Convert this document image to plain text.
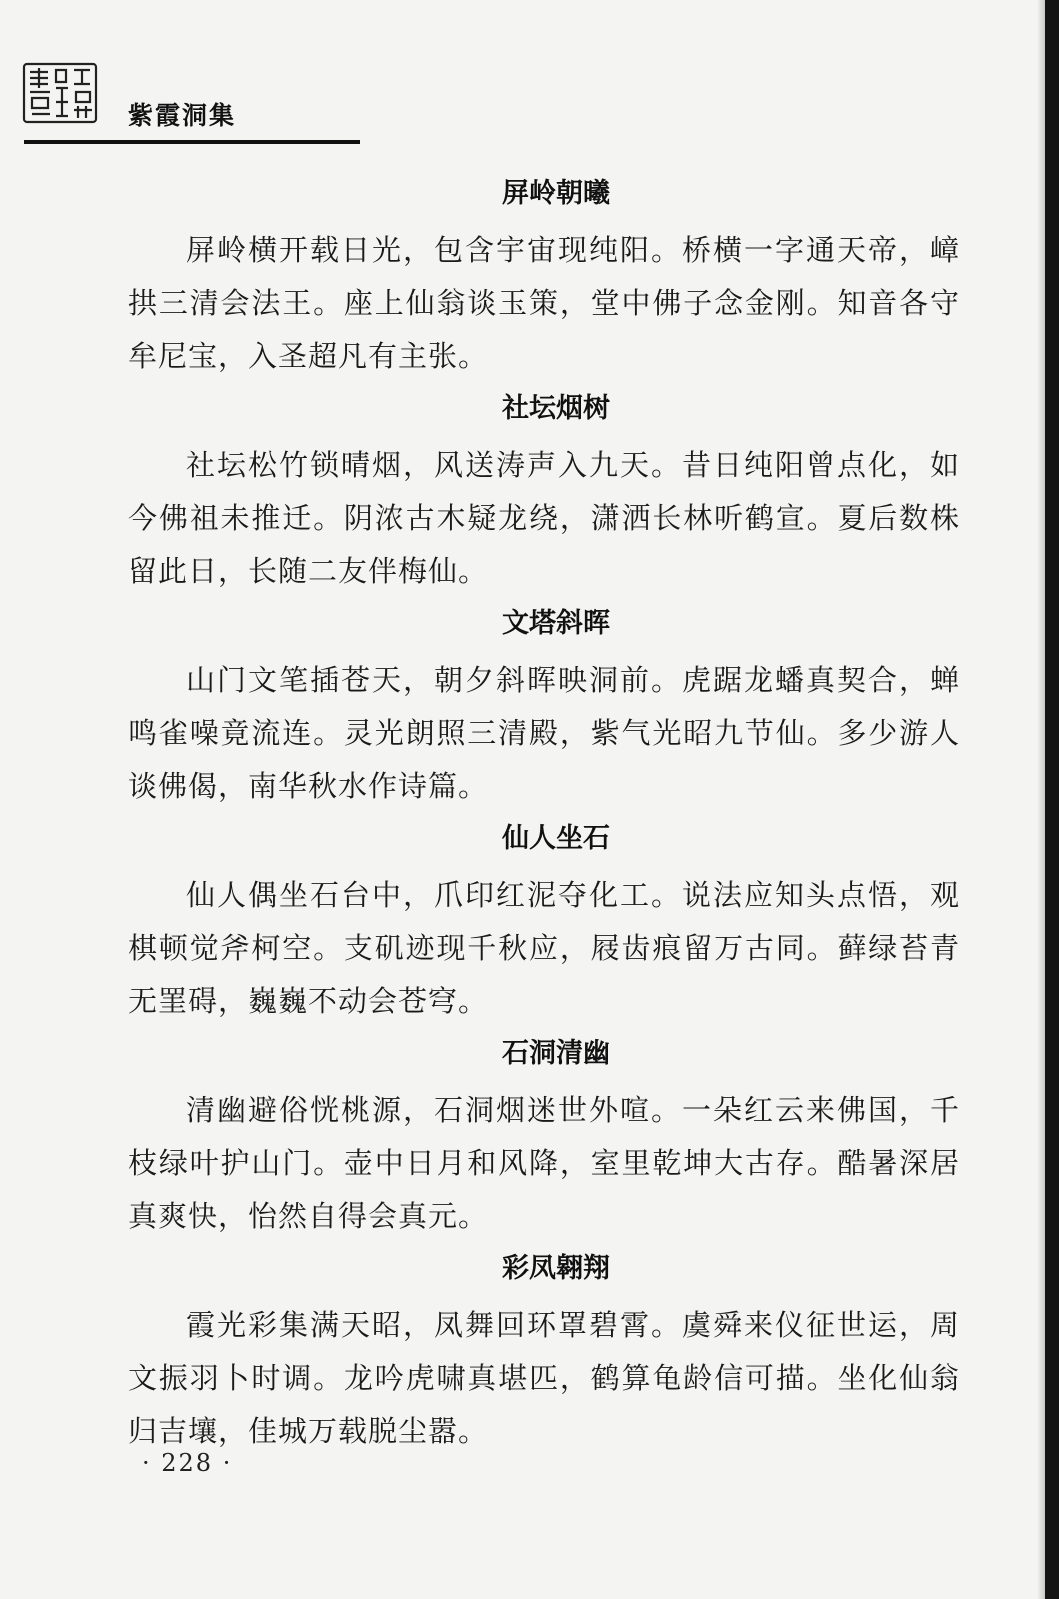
紫霞洞集
屏岭朝曦

屏岭横开载日光，包含宇宙现纯阳。桥横一字通天帝，嶂拱三清会法王。座上仙翁谈玉策，堂中佛子念金刚。知音各守牟尼宝，入圣超凡有主张。

社坛烟树

社坛松竹锁晴烟，风送涛声入九天。昔日纯阳曾点化，如今佛祖未推迁。阴浓古木疑龙绕，潇洒长林听鹤宣。夏后数株留此日，长随二友伴梅仙。

文塔斜晖

山门文笔插苍天，朝夕斜晖映洞前。虎踞龙蟠真契合，蝉鸣雀噪竟流连。灵光朗照三清殿，紫气光昭九节仙。多少游人谈佛偈，南华秋水作诗篇。

仙人坐石

仙人偶坐石台中，爪印红泥夺化工。说法应知头点悟，观棋顿觉斧柯空。支矶迹现千秋应，屐齿痕留万古同。藓绿苔青无罣碍，巍巍不动会苍穹。

石洞清幽

清幽避俗恍桃源，石洞烟迷世外喧。一朵红云来佛国，千枝绿叶护山门。壶中日月和风降，室里乾坤大古存。酷暑深居真爽快，怡然自得会真元。

彩凤翱翔

霞光彩集满天昭，凤舞回环罩碧霄。虞舜来仪征世运，周文振羽卜时调。龙吟虎啸真堪匹，鹤算龟龄信可描。坐化仙翁归吉壤，佳城万载脱尘嚣。

· 228 ·
